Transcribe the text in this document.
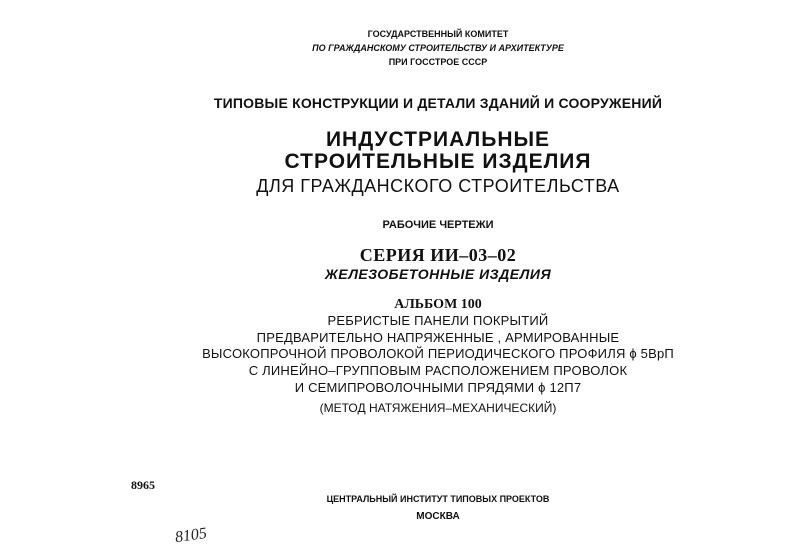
ГОСУДАРСТВЕННЫЙ КОМИТЕТ
ПО ГРАЖДАНСКОМУ СТРОИТЕЛЬСТВУ И АРХИТЕКТУРЕ
ПРИ ГОССТРОЕ СССР
ТИПОВЫЕ КОНСТРУКЦИИ И ДЕТАЛИ ЗДАНИЙ И СООРУЖЕНИЙ
ИНДУСТРИАЛЬНЫЕ
СТРОИТЕЛЬНЫЕ ИЗДЕЛИЯ
ДЛЯ ГРАЖДАНСКОГО СТРОИТЕЛЬСТВА
РАБОЧИЕ ЧЕРТЕЖИ
СЕРИЯ ИИ–03–02
ЖЕЛЕЗОБЕТОННЫЕ ИЗДЕЛИЯ
АЛЬБОМ 100
РЕБРИСТЫЕ ПАНЕЛИ ПОКРЫТИЙ
ПРЕДВАРИТЕЛЬНО НАПРЯЖЕННЫЕ , АРМИРОВАННЫЕ
ВЫСОКОПРОЧНОЙ ПРОВОЛОКОЙ ПЕРИОДИЧЕСКОГО ПРОФИЛЯ ϕ 5ВрП
С ЛИНЕЙНО–ГРУППОВЫМ РАСПОЛОЖЕНИЕМ ПРОВОЛОК
И СЕМИПРОВОЛОЧНЫМИ ПРЯДЯМИ ϕ 12П7
(МЕТОД НАТЯЖЕНИЯ–МЕХАНИЧЕСКИЙ)
8965
ЦЕНТРАЛЬНЫЙ ИНСТИТУТ ТИПОВЫХ ПРОЕКТОВ
МОСКВА
8105
